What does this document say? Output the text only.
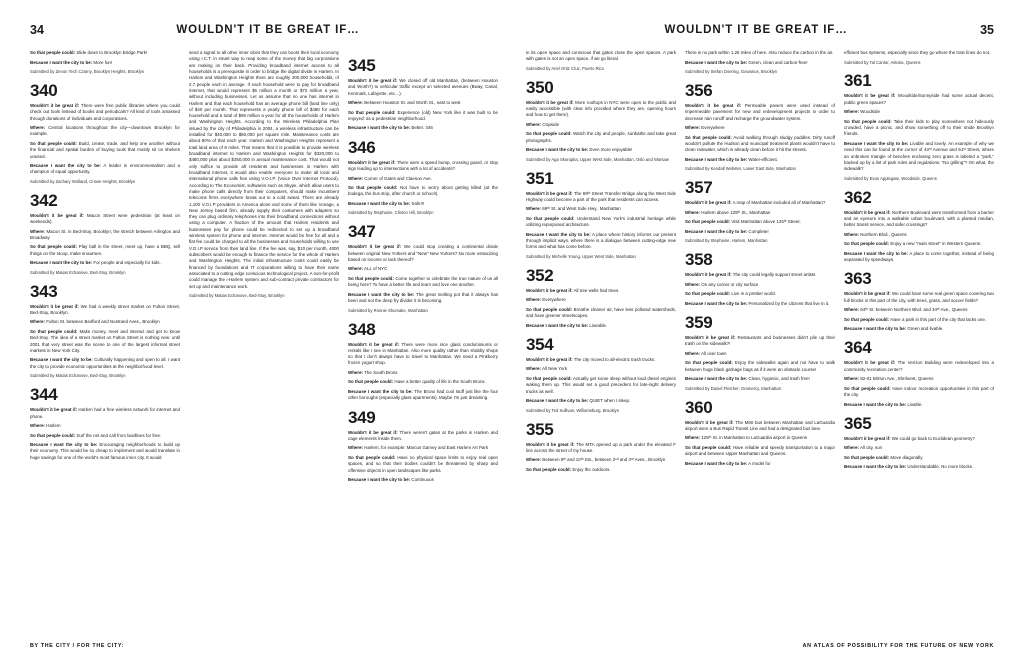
34	WOULDN'T IT BE GREAT IF…

So that people could: Slide down to Brooklyn Bridge Park!

Because I want the city to be: More fun!

Submitted by Zenon Tech Czarny, Brooklyn Heights, Brooklyn

340

Wouldn't it be great if: There were free public libraries where you could check out tools instead of books and periodicals? All kind of tools amassed through donations of individuals and corporations.

Where: Central locations throughout the city—downtown Brooklyn for example.

So that people could: Build, create, trade, and help one another without the financial and spatial burden of buying tools that mostly sit on shelves unused.

Because I want the city to be: A leader in environmentalism and a champion of equal opportunity.

Submitted by Zachary Wolland, Crown Heights, Brooklyn

342

Wouldn't it be great if: Macon Street were pedestrian (at least on weekends).

Where: Macon St. in Bed-Stuy, Brooklyn; the stretch between Arlington and Broadway

So that people could: Play ball in the street, meet up, have a BBQ, sell things on the stoop, make snowmen.

Because I want the city to be: For people and especially for kids.

Submitted by Matias Echanove, Bed-Stuy, Brooklyn

343

Wouldn't it be great if: We had a weekly street market on Fulton Street, Bed-Stuy, Brooklyn.

Where: Fulton St. between Bedford and Nostrand Aves., Brooklyn

So that people could: Make money, meet and interact and get to know Bed-Stuy. The idea of a street market on Fulton Street is nothing new: until 2001 that very street was the scene to one of the largest informal street markets in New York City.

Because I want the city to be: Culturally happening and open to all. I want the city to provide economic opportunities at the neighborhood level.

Submitted by Matias Echanove, Bed-Stuy, Brooklyn

344

Wouldn't it be great if: Harlem had a free wireless network for internet and phone.

Where: Harlem

So that people could: Surf the net and call from landlines for free.

Because I want the city to be: Encouraging neighborhoods to build up their economy. This would be so cheap to implement and would translate in huge savings for one of the world's most famous inner city. It would

send a signal to all other inner cities that they can boost their local economy using I.C.T. in smart way to reap some of the money that big corporations are making on their back. Providing broadband internet access to all households is a prerequisite in order to bridge the digital divide in Harlem. In Harlem and Washington Heights there are roughly 200,000 households, of 2.7 people each in average. If each household were to pay for broadband internet, that would represent $6 million a month or $72 million a year, without including businesses. Let us assume that no one has internet in Harlem and that each household has an average phone bill (land line only) of $40 per month. That represents a yearly phone bill of $480 for each household and a total of $96 million a year for all the households of Harlem and Washington Heights. According to the Wireless Philadelphia Plan issued by the city of Philadelphia in 2004, a wireless infrastructure can be installed for $40,000 to $60,000 per square mile. Maintenance costs are about 80% of that each year. Harlem and Washington Heights represent a total land area of 8 miles. That means that it is possible to provide wireless broadband internet to Harlem and Washington Heights for $320,000 to $480,000 plus about $350,000 in annual maintenance cost. That would not only suffice to provide all residents and businesses in Harlem with broadband internet, it would also enable everyone to make all local and international phone calls free using V.O.I.P. (Voice Over Internet Protocol). According to The Economist, softwares such as Skype, which allow users to make phone calls directly from their computers, should make incumbent telecoms firms everywhere break out in a cold sweat. There are already 1,100 V.O.I.P providers in America alone and some of them like Vonage, a New Jersey based firm, already supply their costumers with adapters so they can plug ordinary telephones into their broadband connections without using a computer. A fraction of the amount that Harlem residents and businesses pay for phone could be redirected to set up a broadband wireless system for phone and internet. Internet would be free for all and a flat fee could be charged to all the businesses and households willing to use V.O.I.P service from their land line. If the fee was, say, $10 per month, 4000 subscribers would be enough to finance the service for the whole of Harlem and Washington Heights. The initial infrastructure costs could easily be financed by foundations and IT corporations willing to have their name associated to a cutting edge conscious technological project. A non-for-profit could manage the i-Harlem system and sub-contract private contractors for set up and maintenance work.

Submitted by Matias Echanove, Bed-Stuy, Brooklyn

345

Wouldn't it be great if: We closed off old Manhattan, (between Houston and Worth?) to vehicular traffic except on selected avenues (Bway, Canal, Kenmark, Lafayette, etc…).

Where: Between Houston St. and Worth St., east to west

So that people could: Experience (old) New York like it was built to be enjoyed: as a pedestrian neighborhood.

Because I want the city to be: Better. 346

346

Wouldn't it be great if: There were a speed bump, crossing guard, or stop sign leading up to intersections with a lot of accidents?

Where: Corner of Gates and Claeson Ave.

So that people could: Not have to worry about getting killed (at the bodega, the bus stop, after church or school!).

Because I want the city to be: Safe!!!

Submitted by Stephanie, Clinton Hill, Brooklyn

347

Wouldn't it be great if: We could stop creating a continental divide between original New Yorkers and "New" New Yorkers? No more ostracizing based on income or lack thereof?

Where: ALL of NYC

So that people could: Come together to celebrate the true nature of us all being here? To have a better life and learn and love one another.

Because I want the city to be: The great melting pot that it always has been and not the deep fry divider it is becoming.

Submitted by Ronnie Shumake, Manhattan

348

Wouldn't it be great if: There were more nice glass condominiums or rentals like I see in Manhattan. Also more quality rather than shabby shops so that I don't always have to travel to Manhattan. We need a Pinkberry frozen yogurt shop.

Where: The South Bronx

So that people could: Have a better quality of life in the South Bronx.

Because I want the city to be: The Bronx had cool stuff just like the four other boroughs (especially glass apartments). Maybe I'm just dreaming.

349

Wouldn't it be great if: There weren't gates at the parks in Harlem and cage elements inside them.

Where: Harlem, for example: Marcus Garvey and East Harlem Art Park

So that people could: Have no physical space limits to enjoy real open spaces, and so that their bodies couldn't be threatened by sharp and offensive objects in open landscapes like parks.

Because I want the city to be: Continuous

BY THE CITY / FOR THE CITY:
WOULDN'T IT BE GREAT IF…	35

in its open space and conscious that gates close the open spaces. A park with gates is not an open space, if we go literal.

Submitted by Ariel Ortiz Cruz, Puerto Rico

350

Wouldn't it be great if: More rooftops in NYC were open to the public and easily accessible (with clear info provided where they are, opening hours and how to get there).

Where: Citywide

So that people could: Watch the city and people, sunbathe and take great photographs.

Because I want the city to be: Even more enjoyable!

Submitted by Aga Skorupka, Upper West Side, Manhattan, Oslo and Warsaw

351

Wouldn't it be great if: The 69ᵗʰ Street Transfer Bridge along the West Side Highway could become a part of the park that residents can access.

Where: 69ᵗʰ St. and West Side Hwy., Manhattan

So that people could: Understand New York's industrial heritage while utilizing repurposed architecture.

Because I want the city to be: A place where history informs our present through implicit ways, where there is a dialogue between cutting-edge new forms and what has come before.

Submitted by Michelle Young, Upper West Side, Manhattan

352

Wouldn't it be great if: All tree wells had trees.

Where: Everywhere

So that people could: Breathe cleaner air, have less polluted watersheds, and have greener streetscapes.

Because I want the city to be: Liveable.

354

Wouldn't it be great if: The city moved to all-electric trash trucks.

Where: All New York

So that people could: Actually get some sleep without loud diesel engines waking them up. This would set a good precedent for late-night delivery trucks as well.

Because I want the city to be: QUIET when I sleep.

Submitted by Ted Sullivan, Williamsburg, Brooklyn

355

Wouldn't it be great if: The MTA opened up a park under the elevated F line across the street of my house.

Where: Between 9ᵗʰ and 10ᵗʰ Sts., between 2ⁿᵈ and 3ʳᵈ Aves., Brooklyn

So that people could: Enjoy the outdoors.

There is no park within 1.25 miles of here. Also reduce the carbon in the air.

Because I want the city to be: Green, clean and carbon-free!

Submitted by Stefan Doering, Gowanus, Brooklyn

356

Wouldn't it be great if: Permeable pavers were used instead of impermeable pavement for new and redevelopment projects in order to decrease rain runoff and recharge the groundwater system.

Where: Everywhere

So that people could: Avoid walking through sludgy puddles. Dirty runoff wouldn't pollute the Hudson and municipal treatment plants wouldn't have to clean rainwater, which is already clean before it hit the streets.

Because I want the city to be: Water-efficient.

Submitted by Kendall Webster, Lower East Side, Manhattan

357

Wouldn't it be great if: A map of Manhattan included all of Manhattan?

Where: Harlem above 125ᵗʰ St., Manhattan

So that people could: Visit Manhattan above 125ᵗʰ Street.

Because I want the city to be: Complete!

Submitted by Stephanie, Harlem, Manhattan

358

Wouldn't it be great if: The city could legally support street artists.

Where: On any corner or city surface

So that people could: Live in a prettier world.

Because I want the city to be: Personalized by the citizens that live in it.

359

Wouldn't it be great if: Restaurants and businesses didn't pile up their trash on the sidewalk?!

Where: All over town

So that people could: Enjoy the sidewalks again and not have to walk between huge black garbage bags as if it were an obstacle course!

Because I want the city to be: Clean, hygienic, and trash free!

Submitted by Daniel Fletcher, Gramercy, Manhattan

360

Wouldn't it be great if: The M60 bus between Manhattan and LaGuardia airport were a Bus Rapid Transit Line and had a designated bus lane.

Where: 125ᵗʰ St. in Manhattan to LaGuardia airport in Queens

So that people could: Have reliable and speedy transportation to a major airport and between Upper Manhattan and Queens.

Because I want the city to be: A model for

efficient bus systems, especially since they go where the train lines do not.

Submitted by Tal Cantor, Astoria, Queens

361

Wouldn't it be great if: Woodside/Sunnyside had some actual decent, public green spaces?

Where: Woodside

So that people could: Take their kids to play somewhere not hideously crowded, have a picnic, and show something off to their snide Brooklyn friends.

Because I want the city to be: Livable and lovely. An example of why we need this can be found at the corner of 43ʳᵈ Avenue and 51ˢᵗ Street, where an unbroken triangle of benches enclosing zero grass is labeled a "park," backed up by a list of park rules and regulations. "No grilling"? On what, the sidewalk?

Submitted by Evan Applegate, Woodside, Queens

362

Wouldn't it be great if: Northern Boulevard were transformed from a barrier and an eyesore into a walkable urban boulevard, with a planted median, better transit service, and safer crossings?

Where: Northern Blvd., Queens

So that people could: Enjoy a new "main street" in Western Queens.

Because I want the city to be: A place to come together, instead of being separated by speedways.

363

Wouldn't it be great if: We could have some real green space covering two full blocks in this part of the city, with trees, grass, and soccer fields?

Where: 64ᵗʰ St. between Northern Blvd. and 34ᵗʰ Ave., Queens

So that people could: Have a park in this part of the city that lacks one.

Because I want the city to be: Green and livable.

364

Wouldn't it be great if: The Verizon Building were redeveloped into a community recreation center?

Where: 82-01 Britton Ave., Elmhurst, Queens

So that people could: Have indoor recreation opportunities in this part of the city.

Because I want the city to be: Livable.

365

Wouldn't it be great if: We could go back to Euclidean geometry?

Where: All city, son

So that people could: Move diagonally.

Because I want the city to be: Understandable. No more blocks.

AN ATLAS OF POSSIBILITY FOR THE FUTURE OF NEW YORK
